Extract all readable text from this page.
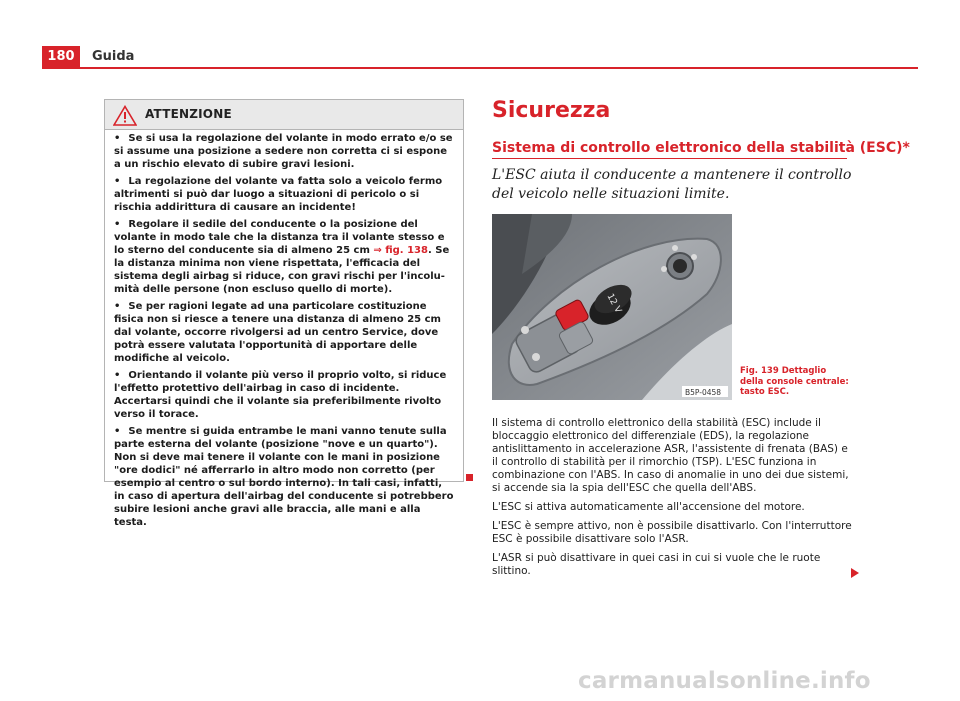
180	Guida
ATTENZIONE

• Se si usa la regolazione del volante in modo errato e/o se si assume una posizione a sedere non corretta ci si espone a un rischio elevato di subire gravi lesioni.

• La regolazione del volante va fatta solo a veicolo fermo altrimenti si può dar luogo a situazioni di pericolo o si rischia addirittura di causare an incidente!

• Regolare il sedile del conducente o la posizione del volante in modo tale che la distanza tra il volante stesso e lo sterno del conducente sia di almeno 25 cm ⇒ fig. 138. Se la distanza minima non viene rispettata, l'efficacia del sistema degli airbag si riduce, con gravi rischi per l'incolumità delle persone (non escluso quello di morte).

• Se per ragioni legate ad una particolare costituzione fisica non si riesce a tenere una distanza di almeno 25 cm dal volante, occorre rivolgersi ad un centro Service, dove potrà essere valutata l'opportunità di apportare delle modifiche al veicolo.

• Orientando il volante più verso il proprio volto, si riduce l'effetto protettivo dell'airbag in caso di incidente. Accertarsi quindi che il volante sia preferibilmente rivolto verso il torace.

• Se mentre si guida entrambe le mani vanno tenute sulla parte esterna del volante (posizione "nove e un quarto"). Non si deve mai tenere il volante con le mani in posizione "ore dodici" né afferrarlo in altro modo non corretto (per esempio al centro o sul bordo interno). In tali casi, infatti, in caso di apertura dell'airbag del conducente si potrebbero subire lesioni anche gravi alle braccia, alle mani e alla testa.

Sicurezza
Sistema di controllo elettronico della stabilità (ESC)*
L'ESC aiuta il conducente a mantenere il controllo del veicolo nelle situazioni limite.
12 V
B5P-0458
Fig. 139 Dettaglio della console centrale: tasto ESC.

Il sistema di controllo elettronico della stabilità (ESC) include il bloccaggio elettronico del differenziale (EDS), la regolazione antislittamento in accelerazione ASR, l'assistente di frenata (BAS) e il controllo di stabilità per il rimorchio (TSP). L'ESC funziona in combinazione con l'ABS. In caso di anomalie in uno dei due sistemi, si accende sia la spia dell'ESC che quella dell'ABS.

L'ESC si attiva automaticamente all'accensione del motore.

L'ESC è sempre attivo, non è possibile disattivarlo. Con l'interruttore ESC è possibile disattivare solo l'ASR.

L'ASR si può disattivare in quei casi in cui si vuole che le ruote slittino.

carmanualsonline.info
